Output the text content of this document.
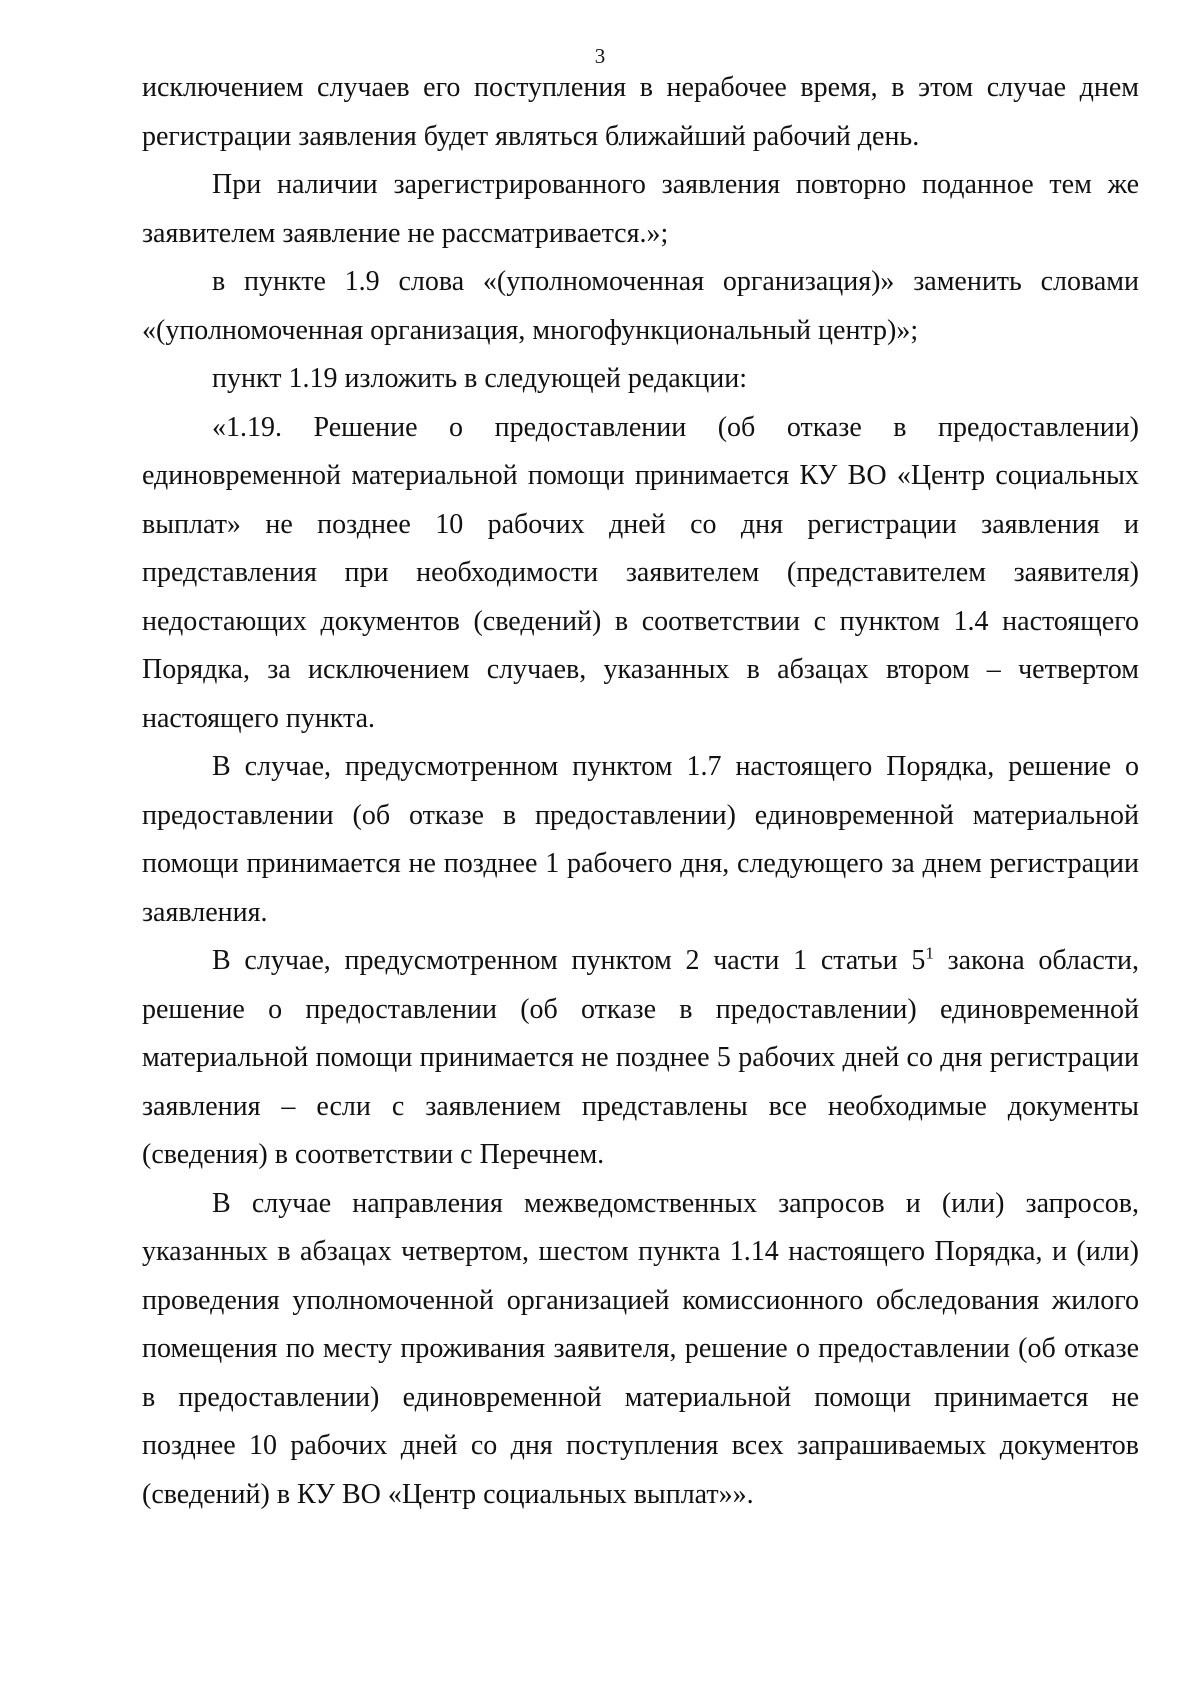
3

исключением случаев его поступления в нерабочее время, в этом случае днем регистрации заявления будет являться ближайший рабочий день.

При наличии зарегистрированного заявления повторно поданное тем же заявителем заявление не рассматривается.»;

в пункте 1.9 слова «(уполномоченная организация)» заменить словами «(уполномоченная организация, многофункциональный центр)»;

пункт 1.19 изложить в следующей редакции:

«1.19. Решение о предоставлении (об отказе в предоставлении) единовременной материальной помощи принимается КУ ВО «Центр социальных выплат» не позднее 10 рабочих дней со дня регистрации заявления и представления при необходимости заявителем (представителем заявителя) недостающих документов (сведений) в соответствии с пунктом 1.4 настоящего Порядка, за исключением случаев, указанных в абзацах втором – четвертом настоящего пункта.

В случае, предусмотренном пунктом 1.7 настоящего Порядка, решение о предоставлении (об отказе в предоставлении) единовременной материальной помощи принимается не позднее 1 рабочего дня, следующего за днем регистрации заявления.

В случае, предусмотренном пунктом 2 части 1 статьи $5^1$ закона области, решение о предоставлении (об отказе в предоставлении) единовременной материальной помощи принимается не позднее 5 рабочих дней со дня регистрации заявления – если с заявлением представлены все необходимые документы (сведения) в соответствии с Перечнем.

В случае направления межведомственных запросов и (или) запросов, указанных в абзацах четвертом, шестом пункта 1.14 настоящего Порядка, и (или) проведения уполномоченной организацией комиссионного обследования жилого помещения по месту проживания заявителя, решение о предоставлении (об отказе в предоставлении) единовременной материальной помощи принимается не позднее 10 рабочих дней со дня поступления всех запрашиваемых документов (сведений) в КУ ВО «Центр социальных выплат»».
